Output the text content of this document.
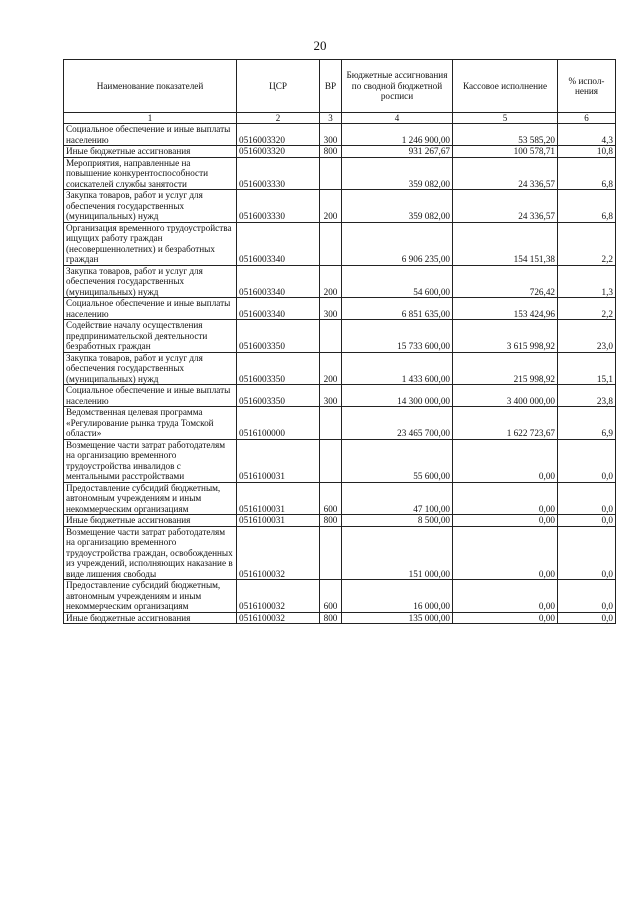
20
Наименование показателей	ЦСР	ВР	Бюджетные ассигнования по сводной бюджетной росписи	Кассовое исполнение	% испол-нения
1	2	3	4	5	6
Социальное обеспечение и иные выплаты населению	0516003320	300	1 246 900,00	53 585,20	4,3
Иные бюджетные ассигнования	0516003320	800	931 267,67	100 578,71	10,8
Мероприятия, направленные на повышение конкурентоспособности соискателей службы занятости	0516003330		359 082,00	24 336,57	6,8
Закупка товаров, работ и услуг для обеспечения государственных (муниципальных) нужд	0516003330	200	359 082,00	24 336,57	6,8
Организация временного трудоустройства ищущих работу граждан (несовершеннолетних) и безработных граждан	0516003340		6 906 235,00	154 151,38	2,2
Закупка товаров, работ и услуг для обеспечения государственных (муниципальных) нужд	0516003340	200	54 600,00	726,42	1,3
Социальное обеспечение и иные выплаты населению	0516003340	300	6 851 635,00	153 424,96	2,2
Содействие началу осуществления предпринимательской деятельности безработных граждан	0516003350		15 733 600,00	3 615 998,92	23,0
Закупка товаров, работ и услуг для обеспечения государственных (муниципальных) нужд	0516003350	200	1 433 600,00	215 998,92	15,1
Социальное обеспечение и иные выплаты населению	0516003350	300	14 300 000,00	3 400 000,00	23,8
Ведомственная целевая программа «Регулирование рынка труда Томской области»	0516100000		23 465 700,00	1 622 723,67	6,9
Возмещение части затрат работодателям на организацию временного трудоустройства инвалидов с ментальными расстройствами	0516100031		55 600,00	0,00	0,0
Предоставление субсидий бюджетным, автономным учреждениям и иным некоммерческим организациям	0516100031	600	47 100,00	0,00	0,0
Иные бюджетные ассигнования	0516100031	800	8 500,00	0,00	0,0
Возмещение части затрат работодателям на организацию временного трудоустройства граждан, освобожденных из учреждений, исполняющих наказание в виде лишения свободы	0516100032		151 000,00	0,00	0,0
Предоставление субсидий бюджетным, автономным учреждениям и иным некоммерческим организациям	0516100032	600	16 000,00	0,00	0,0
Иные бюджетные ассигнования	0516100032	800	135 000,00	0,00	0,0
